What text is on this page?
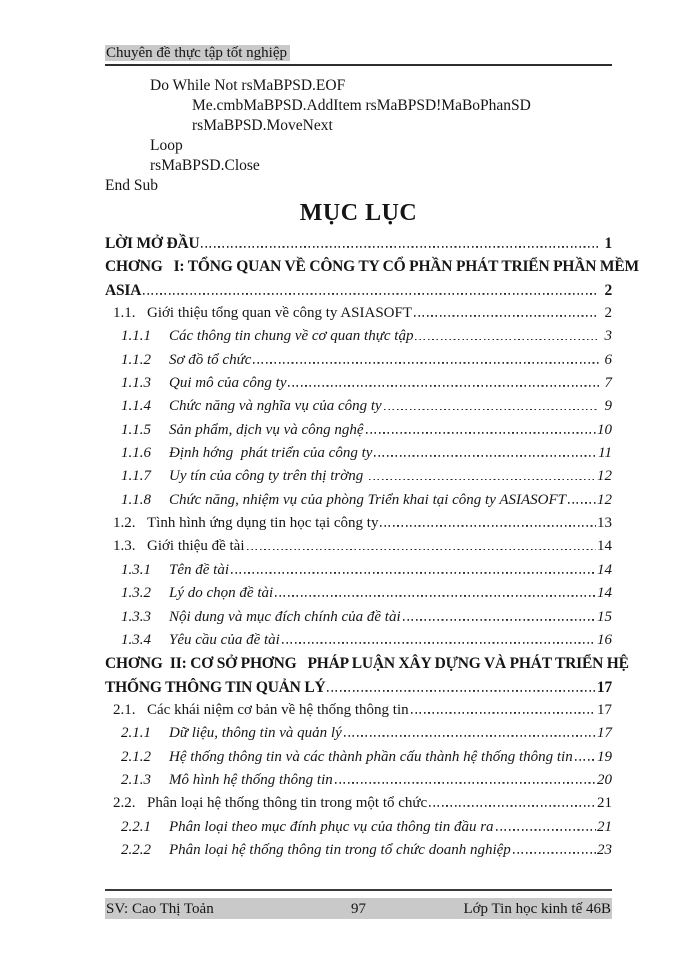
Chuyên đề thực tập tốt nghiệp
Do While Not rsMaBPSD.EOF
Me.cmbMaBPSD.AddItem rsMaBPSD!MaBoPhanSD
rsMaBPSD.MoveNext
Loop
rsMaBPSD.Close
End Sub
MỤC LỤC
LỜI MỞ ĐẦU	1
CHƠNG   I: TỔNG QUAN VỀ CÔNG TY CỔ PHẦN PHÁT TRIỂN PHẦN MỀM
ASIA	2
1.1. Giới thiệu tổng quan về công ty ASIASOFT	2
1.1.1	Các thông tin chung về cơ quan thực tập	3
1.1.2	Sơ đồ tổ chức	6
1.1.3	Qui mô của công ty	7
1.1.4	Chức năng và nghĩa vụ của công ty	9
1.1.5	Sản phẩm, dịch vụ và công nghệ	10
1.1.6	Định hớng  phát triển của công ty	11
1.1.7	Uy tín của công ty trên thị trờng	12
1.1.8	Chức năng, nhiệm vụ của phòng Triển khai tại công ty ASIASOFT 12
1.2. Tình hình ứng dụng tin học tại công ty	13
1.3. Giới thiệu đề tài	14
1.3.1	Tên đề tài	14
1.3.2	Lý do chọn đề tài	14
1.3.3	Nội dung và mục đích chính của đề tài	15
1.3.4	Yêu cầu của đề tài	16
CHƠNG  II: CƠ SỞ PHƠNG   PHÁP LUẬN XÂY DỰNG VÀ PHÁT TRIỂN HỆ
THỐNG THÔNG TIN QUẢN LÝ	17
2.1. Các khái niệm cơ bản về hệ thống thông tin	17
2.1.1	Dữ liệu, thông tin và quản lý	17
2.1.2	Hệ thống thông tin và các thành phần cấu thành hệ thống thông tin 19
2.1.3	Mô hình hệ thống thông tin	20
2.2. Phân loại hệ thống thông tin trong một tổ chức	21
2.2.1	Phân loại theo mục đính phục vụ của thông tin đầu ra	21
2.2.2	Phân loại hệ thống thông tin trong tổ chức doanh nghiệp	23
SV: Cao Thị Toản	97	Lớp Tin học kinh tế 46B
